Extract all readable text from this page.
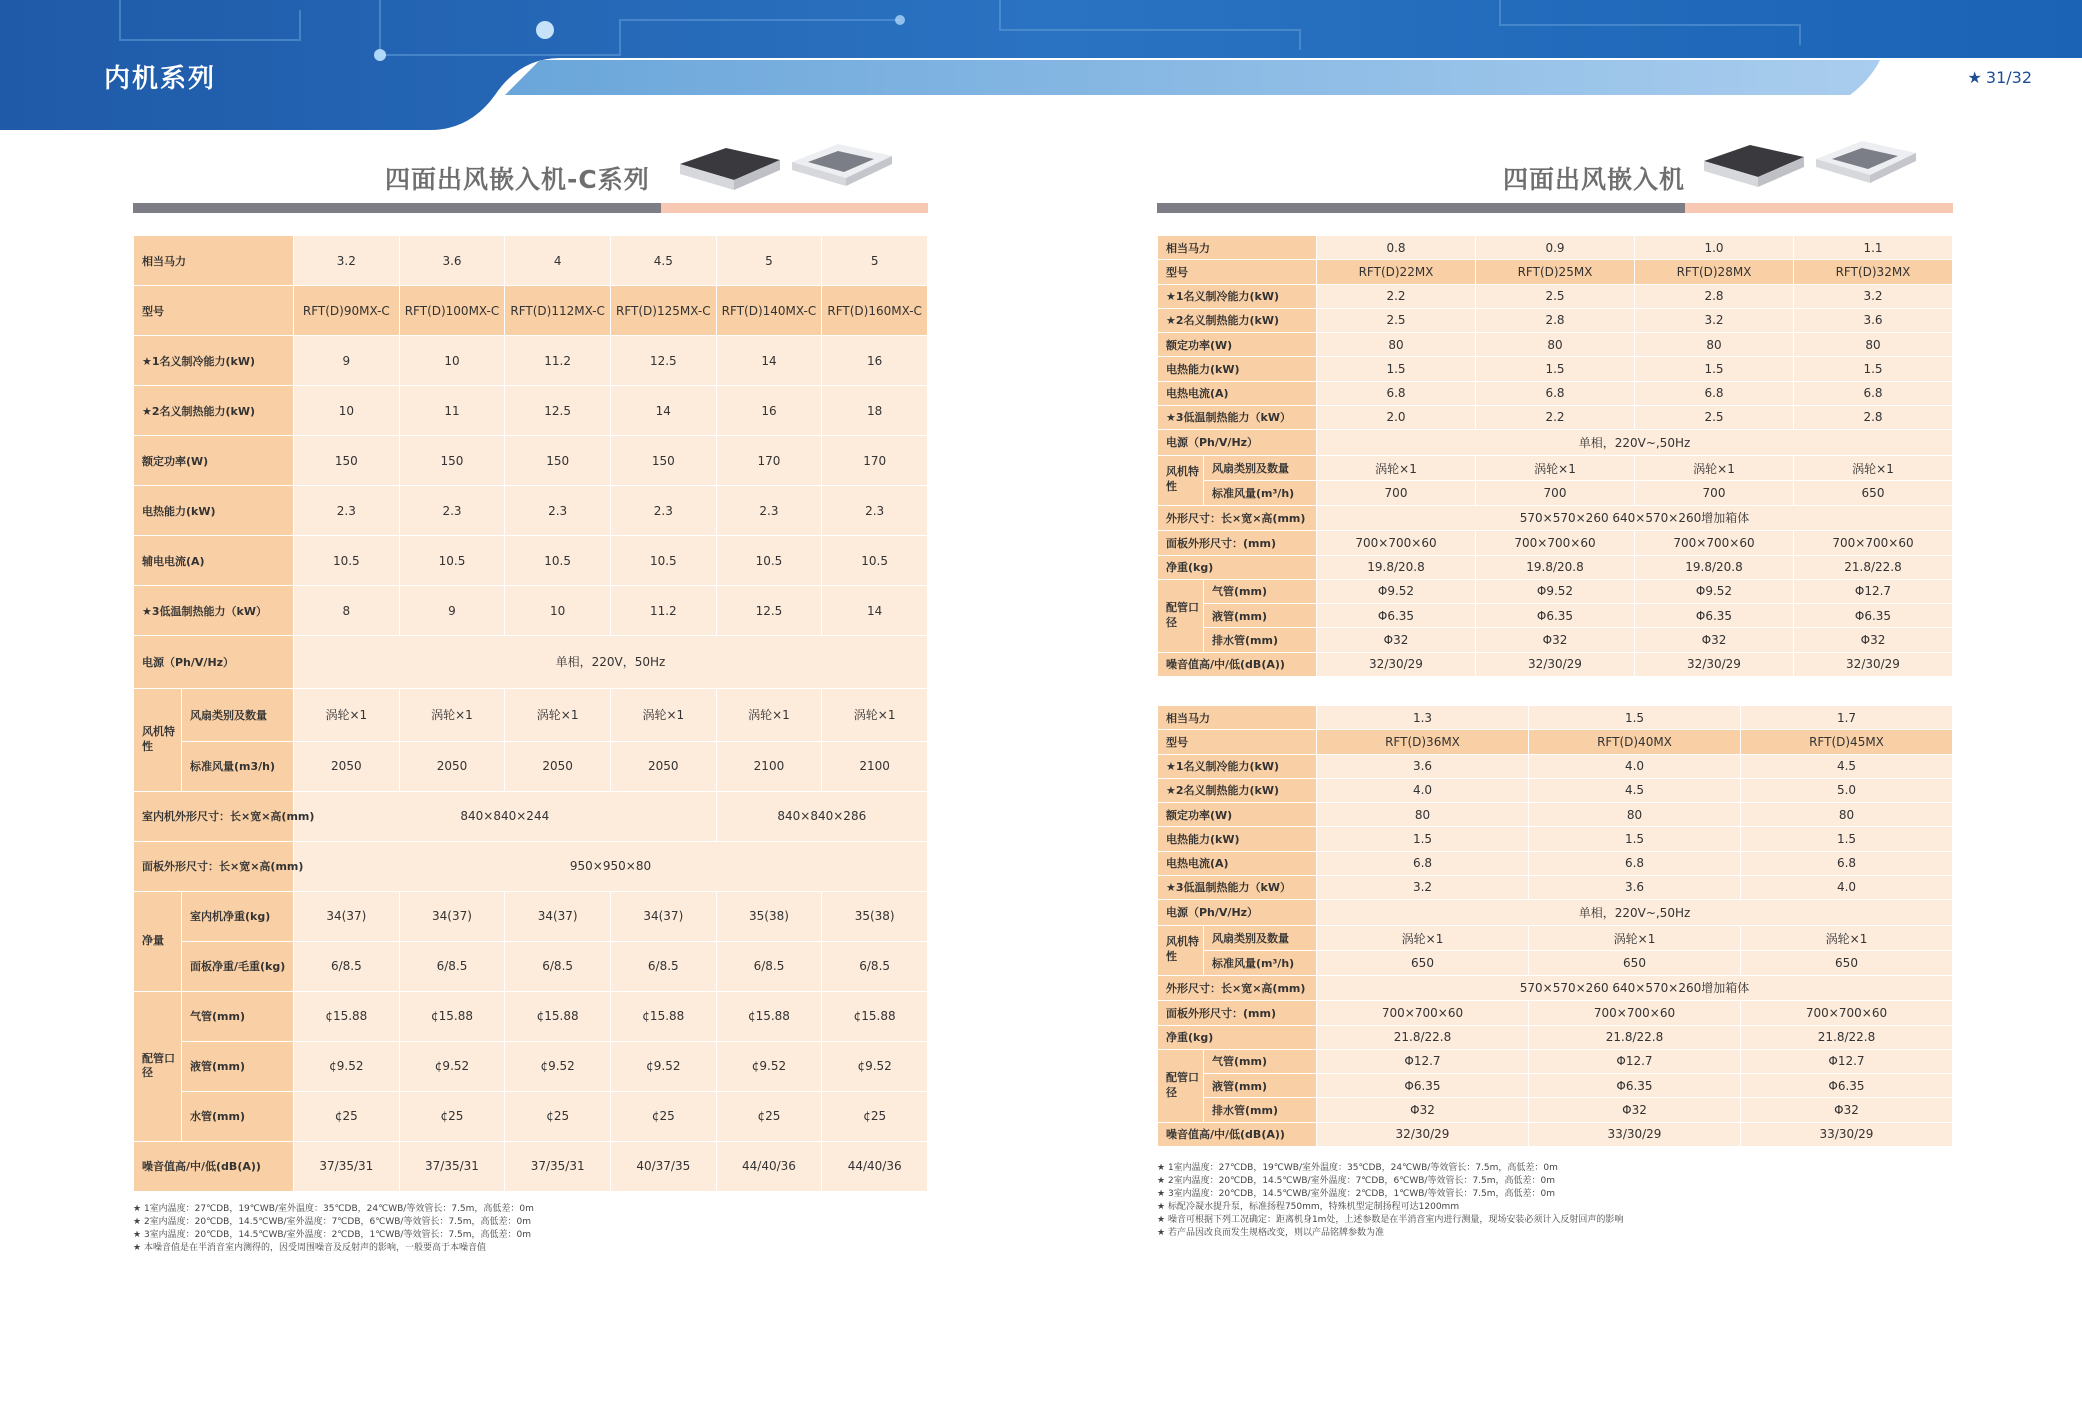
内机系列	★ 31/32
四面出风嵌入机-C系列
相当马力		3.2	3.6	4	4.5	5	5
型号		RFT(D)90MX-C	RFT(D)100MX-C	RFT(D)112MX-C	RFT(D)125MX-C	RFT(D)140MX-C	RFT(D)160MX-C
★1名义制冷能力(kW)		9	10	11.2	12.5	14	16
★2名义制热能力(kW)		10	11	12.5	14	16	18
额定功率(W)		150	150	150	150	170	170
电热能力(kW)		2.3	2.3	2.3	2.3	2.3	2.3
辅电电流(A)		10.5	10.5	10.5	10.5	10.5	10.5
★3低温制热能力（kW）		8	9	10	11.2	12.5	14
电源（Ph/V/Hz）		单相，220V，50Hz					
风机特性	风扇类别及数量	涡轮×1	涡轮×1	涡轮×1	涡轮×1	涡轮×1	涡轮×1
	标准风量(m3/h)	2050	2050	2050	2050	2100	2100
室内机外形尺寸：长×宽×高(mm)		840×840×244				840×840×286	
面板外形尺寸：长×宽×高(mm)		950×950×80					
净量	室内机净重(kg)	34(37)	34(37)	34(37)	34(37)	35(38)	35(38)
	面板净重/毛重(kg)	6/8.5	6/8.5	6/8.5	6/8.5	6/8.5	6/8.5
配管口径	气管(mm)	¢15.88	¢15.88	¢15.88	¢15.88	¢15.88	¢15.88
	液管(mm)	¢9.52	¢9.52	¢9.52	¢9.52	¢9.52	¢9.52
	水管(mm)	¢25	¢25	¢25	¢25	¢25	¢25
噪音值高/中/低(dB(A))		37/35/31	37/35/31	37/35/31	40/37/35	44/40/36	44/40/36
★ 1室内温度：27℃DB，19℃WB/室外温度：35℃DB，24℃WB/等效管长：7.5m，高低差：0m
★ 2室内温度：20℃DB，14.5℃WB/室外温度：7℃DB，6℃WB/等效管长：7.5m，高低差：0m
★ 3室内温度：20℃DB，14.5℃WB/室外温度：2℃DB，1℃WB/等效管长：7.5m，高低差：0m
★ 本噪音值是在半消音室内测得的，因受周围噪音及反射声的影响，一般要高于本噪音值
四面出风嵌入机
相当马力		0.8	0.9	1.0	1.1
型号		RFT(D)22MX	RFT(D)25MX	RFT(D)28MX	RFT(D)32MX
★1名义制冷能力(kW)		2.2	2.5	2.8	3.2
★2名义制热能力(kW)		2.5	2.8	3.2	3.6
额定功率(W)		80	80	80	80
电热能力(kW)		1.5	1.5	1.5	1.5
电热电流(A)		6.8	6.8	6.8	6.8
★3低温制热能力（kW）		2.0	2.2	2.5	2.8
电源（Ph/V/Hz）		单相，220V~,50Hz			
风机特性	风扇类别及数量	涡轮×1	涡轮×1	涡轮×1	涡轮×1
	标准风量(m³/h)	700	700	700	650
外形尺寸：长×宽×高(mm)		570×570×260 640×570×260增加箱体			
面板外形尺寸：(mm)		700×700×60	700×700×60	700×700×60	700×700×60
净重(kg)		19.8/20.8	19.8/20.8	19.8/20.8	21.8/22.8
配管口径	气管(mm)	Φ9.52	Φ9.52	Φ9.52	Φ12.7
	液管(mm)	Φ6.35	Φ6.35	Φ6.35	Φ6.35
	排水管(mm)	Φ32	Φ32	Φ32	Φ32
噪音值高/中/低(dB(A))		32/30/29	32/30/29	32/30/29	32/30/29
相当马力		1.3	1.5	1.7
型号		RFT(D)36MX	RFT(D)40MX	RFT(D)45MX
★1名义制冷能力(kW)		3.6	4.0	4.5
★2名义制热能力(kW)		4.0	4.5	5.0
额定功率(W)		80	80	80
电热能力(kW)		1.5	1.5	1.5
电热电流(A)		6.8	6.8	6.8
★3低温制热能力（kW）		3.2	3.6	4.0
电源（Ph/V/Hz）		单相，220V~,50Hz		
风机特性	风扇类别及数量	涡轮×1	涡轮×1	涡轮×1
	标准风量(m³/h)	650	650	650
外形尺寸：长×宽×高(mm)		570×570×260 640×570×260增加箱体		
面板外形尺寸：(mm)		700×700×60	700×700×60	700×700×60
净重(kg)		21.8/22.8	21.8/22.8	21.8/22.8
配管口径	气管(mm)	Φ12.7	Φ12.7	Φ12.7
	液管(mm)	Φ6.35	Φ6.35	Φ6.35
	排水管(mm)	Φ32	Φ32	Φ32
噪音值高/中/低(dB(A))		32/30/29	33/30/29	33/30/29
★ 1室内温度：27℃DB，19℃WB/室外温度：35℃DB，24℃WB/等效管长：7.5m，高低差：0m
★ 2室内温度：20℃DB，14.5℃WB/室外温度：7℃DB，6℃WB/等效管长：7.5m，高低差：0m
★ 3室内温度：20℃DB，14.5℃WB/室外温度：2℃DB，1℃WB/等效管长：7.5m，高低差：0m
★ 标配冷凝水提升泵，标准扬程750mm，特殊机型定制扬程可达1200mm
★ 噪音可根据下列工况确定：距离机身1m处，上述参数是在半消音室内进行测量，现场安装必须计入反射回声的影响
★ 若产品因改良而发生规格改变，则以产品铭牌参数为准
